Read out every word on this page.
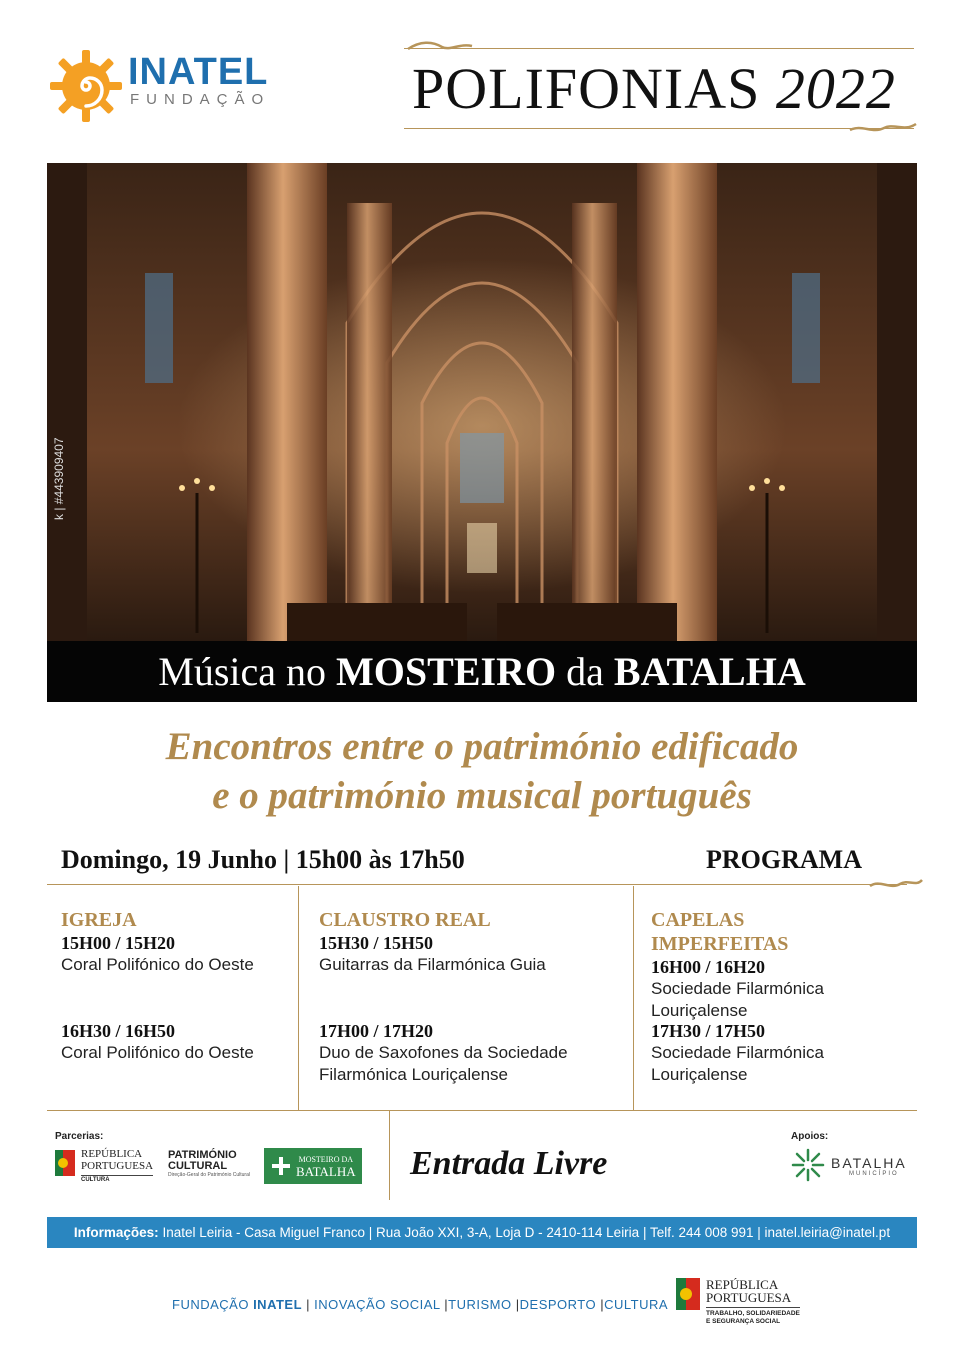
INATEL
FUNDAÇÃO POLIFONIAS 2022
k | #443909407
Música no MOSTEIRO da BATALHA
Encontros entre o património edificado
e o património musical português
Domingo, 19 Junho | 15h00 às 17h50	PROGRAMA
IGREJA
15H00 / 15H20
Coral Polifónico do Oeste
16H30 / 16H50
Coral Polifónico do Oeste
CLAUSTRO REAL
15H30 / 15H50
Guitarras da Filarmónica Guia
17H00 / 17H20
Duo de Saxofones da Sociedade Filarmónica Louriçalense
CAPELAS IMPERFEITAS
16H00 / 16H20
Sociedade Filarmónica Louriçalense
17H30 / 17H50
Sociedade Filarmónica Louriçalense
Parcerias:
REPÚBLICA
PORTUGUESA
CULTURA
PATRIMÓNIO
CULTURAL
Direção-Geral do Património Cultural
MOSTEIRO DA
BATALHA Entrada Livre
Apoios:
BATALHA
MUNICÍPIO
Informações: Inatel Leiria - Casa Miguel Franco | Rua João XXI, 3-A, Loja D - 2410-114 Leiria | Telf. 244 008 991 | inatel.leiria@inatel.pt
FUNDAÇÃO INATEL | INOVAÇÃO SOCIAL |TURISMO |DESPORTO |CULTURA
REPÚBLICA
PORTUGUESA
TRABALHO, SOLIDARIEDADE
E SEGURANÇA SOCIAL
